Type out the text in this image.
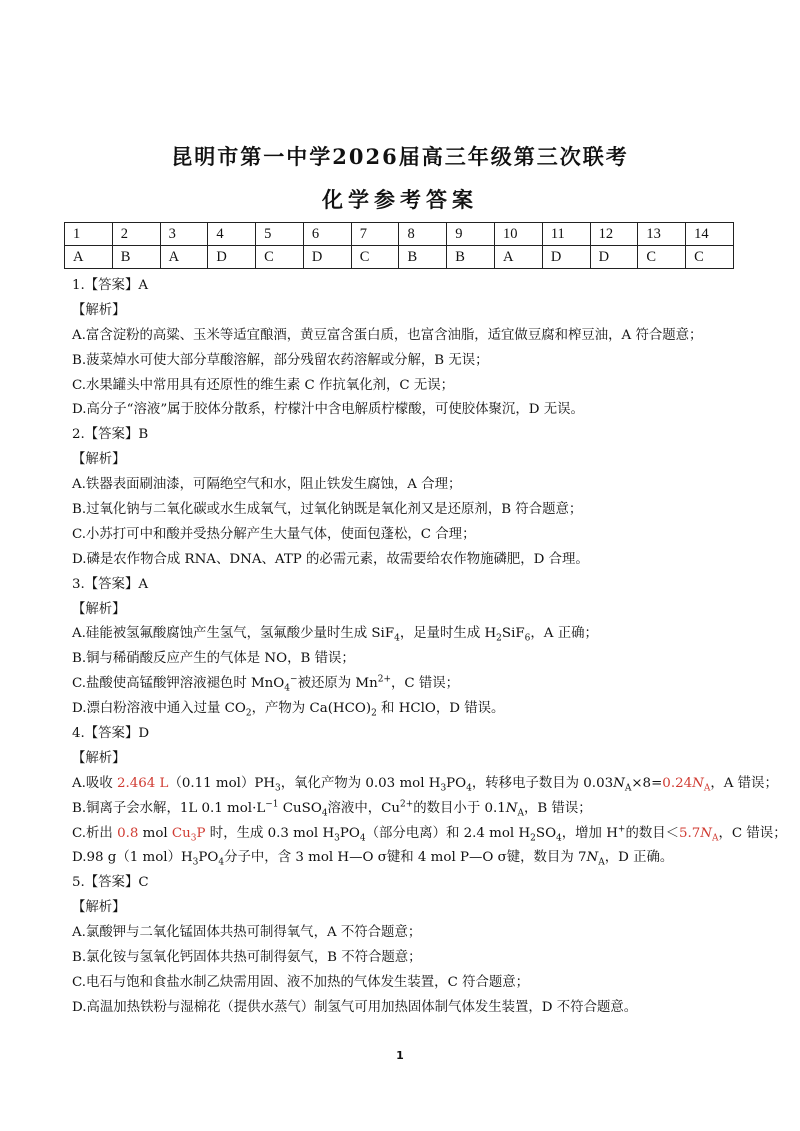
昆明市第一中学2026届高三年级第三次联考
化学参考答案
1	2	3	4	5	6	7	8	9	10	11	12	13	14
A	B	A	D	C	D	C	B	B	A	D	D	C	C
1.【答案】A
【解析】
A.富含淀粉的高粱、玉米等适宜酿酒，黄豆富含蛋白质，也富含油脂，适宜做豆腐和榨豆油，A 符合题意；
B.菠菜焯水可使大部分草酸溶解，部分残留农药溶解或分解，B 无误；
C.水果罐头中常用具有还原性的维生素 C 作抗氧化剂，C 无误；
D.高分子“溶液”属于胶体分散系，柠檬汁中含电解质柠檬酸，可使胶体聚沉，D 无误。
2.【答案】B
【解析】
A.铁器表面刷油漆，可隔绝空气和水，阻止铁发生腐蚀，A 合理；
B.过氧化钠与二氧化碳或水生成氧气，过氧化钠既是氧化剂又是还原剂，B 符合题意；
C.小苏打可中和酸并受热分解产生大量气体，使面包蓬松，C 合理；
D.磷是农作物合成 RNA、DNA、ATP 的必需元素，故需要给农作物施磷肥，D 合理。
3.【答案】A
【解析】
A.硅能被氢氟酸腐蚀产生氢气，氢氟酸少量时生成 SiF$_4$，足量时生成 $H_2SiF_6$，A 正确；
B.铜与稀硝酸反应产生的气体是 NO，B 错误；
C.盐酸使高锰酸钾溶液褪色时 MnO$_4$−被还原为 $Mn^{2+}$，C 错误；
D.漂白粉溶液中通入过量 $CO_2$，产物为 $Ca(HCO)_2$ 和 HClO，D 错误。
4.【答案】D
【解析】
A.吸收 2.464 L（0.11 $mol)PH_3$，氧化产物为 0.03 mol $H_3PO_4$，转移电子数目为 $0.03N_A\times 8=0.24N_A$，A 错误；
B.铜离子会水解，1L 0.1 $mol\cdot L^{-1}$ CuSO$_4$溶液中，$Cu^{2+}$的数目小于 $0.1N_A$，B 错误；
C.析出 0.8 mol $Cu_3P$ 时，生成 0.3 mol $H_3PO_4$（部分电离）和 2.4 mol $H_2SO_4$，增加 H+的数目$<5.7N_A$，C 错误；
D.98 g（1 $mol)H_3PO_4$分子中，含 3 mol H—O σ键和 4 mol P—O σ键，数目为 $7N_A$，D 正确。
5.【答案】C
【解析】
A.氯酸钾与二氧化锰固体共热可制得氧气，A 不符合题意；
B.氯化铵与氢氧化钙固体共热可制得氨气，B 不符合题意；
C.电石与饱和食盐水制乙炔需用固、液不加热的气体发生装置，C 符合题意；
D.高温加热铁粉与湿棉花（提供水蒸气）制氢气可用加热固体制气体发生装置，D 不符合题意。
1
